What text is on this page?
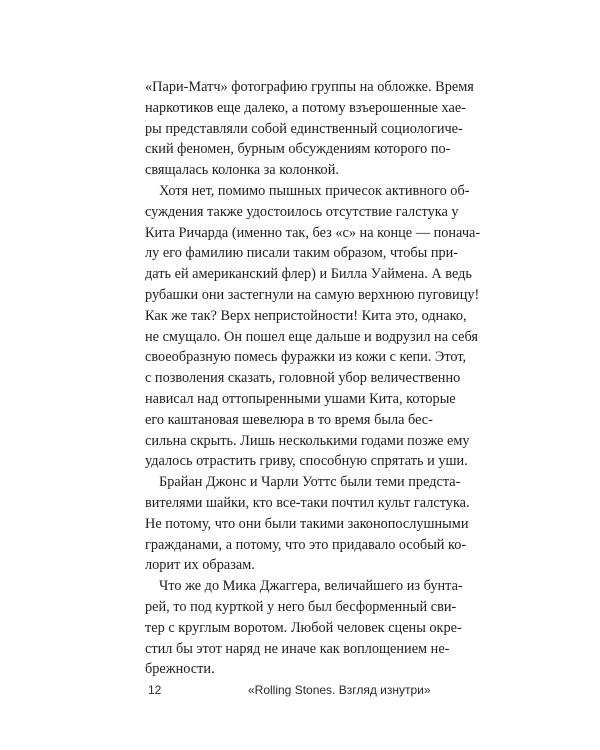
«Пари-Матч» фотографию группы на обложке. Время
наркотиков еще далеко, а потому взъерошенные хае-
ры представляли собой единственный социологиче-
ский феномен, бурным обсуждениям которого по-
свящалась колонка за колонкой.
Хотя нет, помимо пышных причесок активного об-
суждения также удостоилось отсутствие галстука у
Кита Ричарда (именно так, без «с» на конце — поначa-
лу его фамилию писали таким образом, чтобы при-
дать ей американский флер) и Билла Уаймена. А ведь
рубашки они застегнули на самую верхнюю пуговицу!
Как же так? Верх непристойности! Кита это, однако,
не смущало. Он пошел еще дальше и водрузил на себя
своеобразную помесь фуражки из кожи с кепи. Этот,
с позволения сказать, головной убор величественно
нависал над оттопыренными ушами Кита, которые
его каштановая шевелюра в то время была бес-
сильна скрыть. Лишь несколькими годами позже ему
удалось отрастить гриву, способную спрятать и уши.
Брайан Джонс и Чарли Уоттс были теми предста-
вителями шайки, кто все-таки почтил культ галстука.
Не потому, что они были такими законопослушными
гражданами, а потому, что это придавало особый ко-
лорит их образам.
Что же до Мика Джаггера, величайшего из бунта-
рей, то под курткой у него был бесформенный сви-
тер с круглым воротом. Любой человек сцены окре-
стил бы этот наряд не иначе как воплощением не-
брежности.
12	«Rolling Stones. Взгляд изнутри»
